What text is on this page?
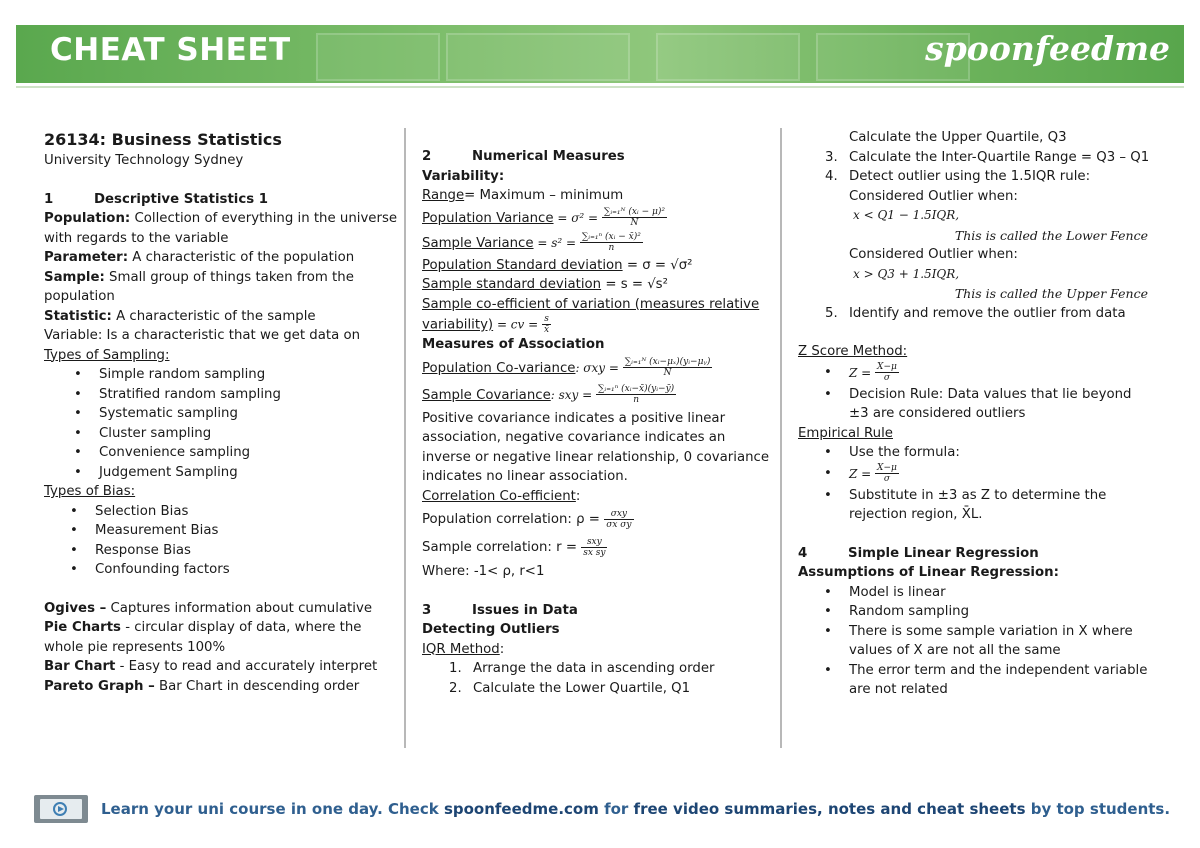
CHEAT SHEET	spoonfeedme

26134: Business Statistics

University Technology Sydney

1	Descriptive Statistics 1

Population: Collection of everything in the universe with regards to the variable

Parameter: A characteristic of the population

Sample: Small group of things taken from the population

Statistic: A characteristic of the sample

Variable: Is a characteristic that we get data on

Types of Sampling:

• Simple random sampling

• Stratified random sampling

• Systematic sampling

• Cluster sampling

• Convenience sampling

• Judgement Sampling

Types of Bias:

• Selection Bias

• Measurement Bias

• Response Bias

• Confounding factors

Ogives – Captures information about cumulative

Pie Charts - circular display of data, where the whole pie represents 100%

Bar Chart - Easy to read and accurately interpret

Pareto Graph – Bar Chart in descending order

2	Numerical Measures

Variability:

Range= Maximum – minimum

Population Variance = $\sigma^2 = \frac{\text{∑ᵢ₌₁ᴺ (xᵢ − μ)²}}{N}$

Sample Variance = $s^2 = \frac{\text{∑ᵢ₌₁ⁿ (xᵢ − x̄)²}}{n}$

Population Standard deviation = σ = √σ²

Sample standard deviation = s = √s²

Sample co-efficient of variation (measures relative variability) = cv = $\frac{s}{x̄}$

Measures of Association

Population Co-variance: $\sigma xy = \frac{\text{∑ᵢ₌₁ᴺ (xᵢ−μₓ)(yᵢ−μᵧ)}}{N}$

Sample Covariance: sxy = $\frac{\text{∑ᵢ₌₁ⁿ (xᵢ−x̄)(yᵢ−ȳ)}}{n}$

Positive covariance indicates a positive linear association, negative covariance indicates an inverse or negative linear relationship, 0 covariance indicates no linear association.

Correlation Co-efficient:

Population correlation: $\rho = \frac{\text{σxy}}{\text{σx σy}}$

Sample correlation: $r = \frac{\text{sxy}}{\text{sx sy}}$

Where: -1< ρ, r<1

3	Issues in Data

Detecting Outliers

IQR Method:

1. Arrange the data in ascending order

2. Calculate the Lower Quartile, Q1

Calculate the Upper Quartile, Q3

3. Calculate the Inter-Quartile Range = Q3 – Q1

4. Detect outlier using the 1.5IQR rule:

Considered Outlier when:

x < Q1 − 1.5IQR,

This is called the Lower Fence

Considered Outlier when:

x > Q3 + 1.5IQR,

This is called the Upper Fence

5. Identify and remove the outlier from data

Z Score Method:

• $Z = \frac{X-\mu}{\sigma}$

• Decision Rule: Data values that lie beyond ±3 are considered outliers

Empirical Rule

• Use the formula:

• $Z = \frac{X-\mu}{\sigma}$

• Substitute in ±3 as Z to determine the rejection region, X̄L.

4	Simple Linear Regression

Assumptions of Linear Regression:

• Model is linear

• Random sampling

• There is some sample variation in X where values of X are not all the same

• The error term and the independent variable are not related

Learn your uni course in one day. Check spoonfeedme.com for free video summaries, notes and cheat sheets by top students.
